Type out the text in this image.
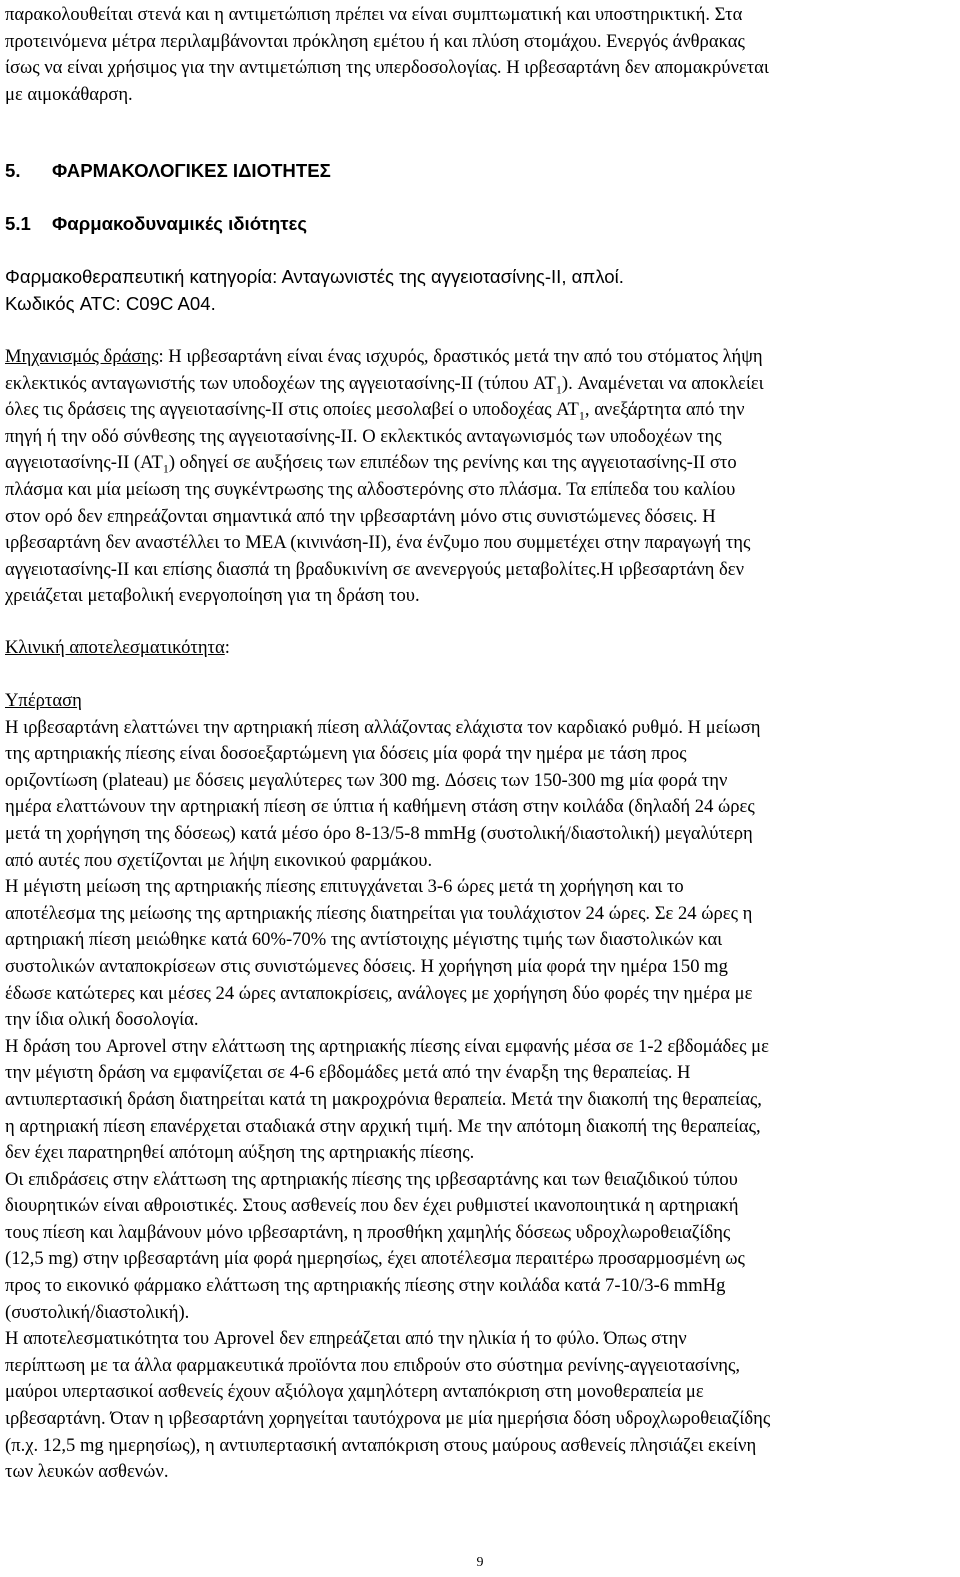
παρακολουθείται στενά και η αντιμετώπιση πρέπει να είναι συμπτωματική και υποστηρικτική. Στα
προτεινόμενα μέτρα περιλαμβάνονται πρόκληση εμέτου ή και πλύση στομάχου. Ενεργός άνθρακας
ίσως να είναι χρήσιμος για την αντιμετώπιση της υπερδοσολογίας. Η ιρβεσαρτάνη δεν απομακρύνεται
με αιμοκάθαρση.
5. ΦΑΡΜΑΚΟΛΟΓΙΚΕΣ ΙΔΙΟΤΗΤΕΣ
5.1 Φαρμακοδυναμικές ιδιότητες
Φαρμακοθεραπευτική κατηγορία: Ανταγωνιστές της αγγειοτασίνης-II, απλοί.
Κωδικός ATC: C09C A04.
Μηχανισμός δράσης: Η ιρβεσαρτάνη είναι ένας ισχυρός, δραστικός μετά την από του στόματος λήψη
εκλεκτικός ανταγωνιστής των υποδοχέων της αγγειοτασίνης-II (τύπου $AT_1$). Αναμένεται να αποκλείει
όλες τις δράσεις της αγγειοτασίνης-II στις οποίες μεσολαβεί ο υποδοχέας $AT_1$, ανεξάρτητα από την
πηγή ή την οδό σύνθεσης της αγγειοτασίνης-II. Ο εκλεκτικός ανταγωνισμός των υποδοχέων της
αγγειοτασίνης-II $(AT_1)$ οδηγεί σε αυξήσεις των επιπέδων της ρενίνης και της αγγειοτασίνης-II στο
πλάσμα και μία μείωση της συγκέντρωσης της αλδοστερόνης στο πλάσμα. Τα επίπεδα του καλίου
στον ορό δεν επηρεάζονται σημαντικά από την ιρβεσαρτάνη μόνο στις συνιστώμενες δόσεις. Η
ιρβεσαρτάνη δεν αναστέλλει το ΜΕΑ (κινινάση-II), ένα ένζυμο που συμμετέχει στην παραγωγή της
αγγειοτασίνης-II και επίσης διασπά τη βραδυκινίνη σε ανενεργούς μεταβολίτες.Η ιρβεσαρτάνη δεν
χρειάζεται μεταβολική ενεργοποίηση για τη δράση του.
Κλινική αποτελεσματικότητα:
Υπέρταση
Η ιρβεσαρτάνη ελαττώνει την αρτηριακή πίεση αλλάζοντας ελάχιστα τον καρδιακό ρυθμό. Η μείωση
της αρτηριακής πίεσης είναι δοσοεξαρτώμενη για δόσεις μία φορά την ημέρα με τάση προς
οριζοντίωση (plateau) με δόσεις μεγαλύτερες των 300 mg. Δόσεις των 150-300 mg μία φορά την
ημέρα ελαττώνουν την αρτηριακή πίεση σε ύπτια ή καθήμενη στάση στην κοιλάδα (δηλαδή 24 ώρες
μετά τη χορήγηση της δόσεως) κατά μέσο όρο 8-13/5-8 mmHg (συστολική/διαστολική) μεγαλύτερη
από αυτές που σχετίζονται με λήψη εικονικού φαρμάκου.
Η μέγιστη μείωση της αρτηριακής πίεσης επιτυγχάνεται 3-6 ώρες μετά τη χορήγηση και το
αποτέλεσμα της μείωσης της αρτηριακής πίεσης διατηρείται για τουλάχιστον 24 ώρες. Σε 24 ώρες η
αρτηριακή πίεση μειώθηκε κατά 60%-70% της αντίστοιχης μέγιστης τιμής των διαστολικών και
συστολικών ανταποκρίσεων στις συνιστώμενες δόσεις. Η χορήγηση μία φορά την ημέρα 150 mg
έδωσε κατώτερες και μέσες 24 ώρες ανταποκρίσεις, ανάλογες με χορήγηση δύο φορές την ημέρα με
την ίδια ολική δοσολογία.
Η δράση του Aprovel στην ελάττωση της αρτηριακής πίεσης είναι εμφανής μέσα σε 1-2 εβδομάδες με
την μέγιστη δράση να εμφανίζεται σε 4-6 εβδομάδες μετά από την έναρξη της θεραπείας. Η
αντιυπερτασική δράση διατηρείται κατά τη μακροχρόνια θεραπεία. Μετά την διακοπή της θεραπείας,
η αρτηριακή πίεση επανέρχεται σταδιακά στην αρχική τιμή. Με την απότομη διακοπή της θεραπείας,
δεν έχει παρατηρηθεί απότομη αύξηση της αρτηριακής πίεσης.
Οι επιδράσεις στην ελάττωση της αρτηριακής πίεσης της ιρβεσαρτάνης και των θειαζιδικού τύπου
διουρητικών είναι αθροιστικές. Στους ασθενείς που δεν έχει ρυθμιστεί ικανοποιητικά η αρτηριακή
τους πίεση και λαμβάνουν μόνο ιρβεσαρτάνη, η προσθήκη χαμηλής δόσεως υδροχλωροθειαζίδης
(12,5 mg) στην ιρβεσαρτάνη μία φορά ημερησίως, έχει αποτέλεσμα περαιτέρω προσαρμοσμένη ως
προς το εικονικό φάρμακο ελάττωση της αρτηριακής πίεσης στην κοιλάδα κατά 7-10/3-6 mmHg
(συστολική/διαστολική).
Η αποτελεσματικότητα του Aprovel δεν επηρεάζεται από την ηλικία ή το φύλο. Όπως στην
περίπτωση με τα άλλα φαρμακευτικά προϊόντα που επιδρούν στο σύστημα ρενίνης-αγγειοτασίνης,
μαύροι υπερτασικοί ασθενείς έχουν αξιόλογα χαμηλότερη ανταπόκριση στη μονοθεραπεία με
ιρβεσαρτάνη. Όταν η ιρβεσαρτάνη χορηγείται ταυτόχρονα με μία ημερήσια δόση υδροχλωροθειαζίδης
(π.χ. 12,5 mg ημερησίως), η αντιυπερτασική ανταπόκριση στους μαύρους ασθενείς πλησιάζει εκείνη
των λευκών ασθενών.
9
